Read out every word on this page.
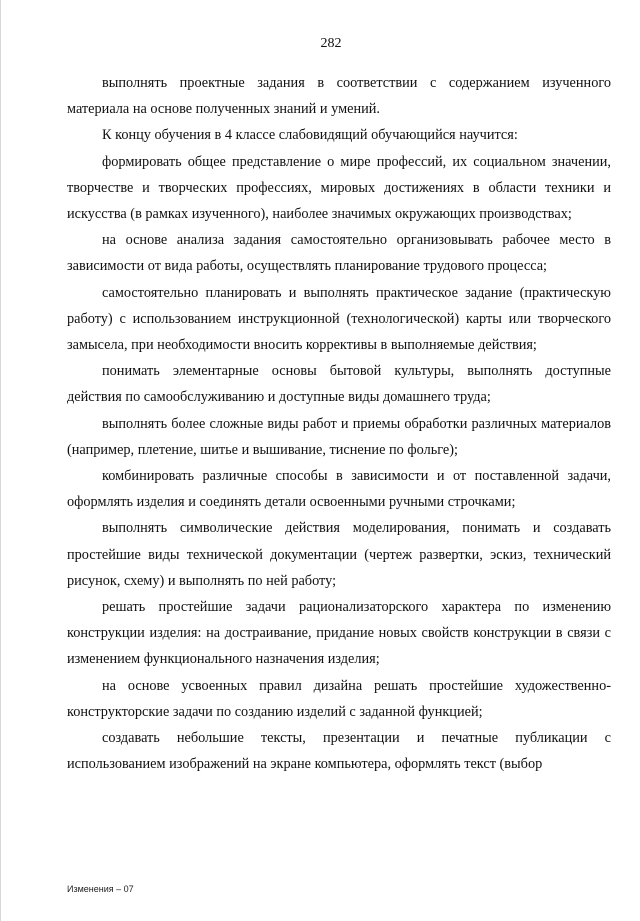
282

выполнять проектные задания в соответствии с содержанием изученного материала на основе полученных знаний и умений.

К концу обучения в 4 классе слабовидящий обучающийся научится:

формировать общее представление о мире профессий, их социальном значении, творчестве и творческих профессиях, мировых достижениях в области техники и искусства (в рамках изученного), наиболее значимых окружающих производствах;

на основе анализа задания самостоятельно организовывать рабочее место в зависимости от вида работы, осуществлять планирование трудового процесса;

самостоятельно планировать и выполнять практическое задание (практическую работу) с использованием инструкционной (технологической) карты или творческого замысела, при необходимости вносить коррективы в выполняемые действия;

понимать элементарные основы бытовой культуры, выполнять доступные действия по самообслуживанию и доступные виды домашнего труда;

выполнять более сложные виды работ и приемы обработки различных материалов (например, плетение, шитье и вышивание, тиснение по фольге);

комбинировать различные способы в зависимости и от поставленной задачи, оформлять изделия и соединять детали освоенными ручными строчками;

выполнять символические действия моделирования, понимать и создавать простейшие виды технической документации (чертеж развертки, эскиз, технический рисунок, схему) и выполнять по ней работу;

решать простейшие задачи рационализаторского характера по изменению конструкции изделия: на достраивание, придание новых свойств конструкции в связи с изменением функционального назначения изделия;

на основе усвоенных правил дизайна решать простейшие художественно-конструкторские задачи по созданию изделий с заданной функцией;

создавать небольшие тексты, презентации и печатные публикации с использованием изображений на экране компьютера, оформлять текст (выбор

Изменения – 07
